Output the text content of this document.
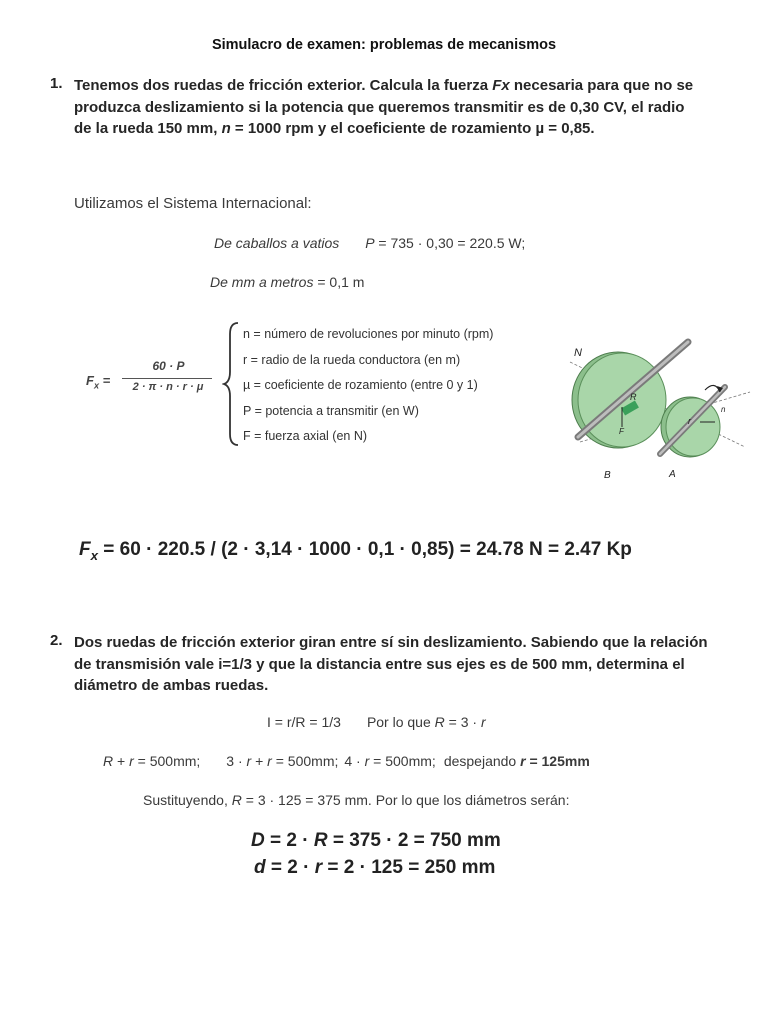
Simulacro de examen: problemas de mecanismos
1. Tenemos dos ruedas de fricción exterior. Calcula la fuerza Fx necesaria para que no se
produzca deslizamiento si la potencia que queremos transmitir es de 0,30 CV, el radio
de la rueda 150 mm, n = 1000 rpm y el coeficiente de rozamiento µ = 0,85.
Utilizamos el Sistema Internacional:
De caballos a vatios P = 735 · 0,30 = 220.5 W;
De mm a metros = 0,1 m
$F_x$ =
60 · P
2 · π · n · r · μ
n = número de revoluciones por minuto (rpm)
r = radio de la rueda conductora (en m)
µ = coeficiente de rozamiento (entre 0 y 1)
P = potencia a transmitir (en W)
F = fuerza axial (en N)
N
B	A
R
r
n
F
$F_x = 60 \cdot 220.5 / (2 \cdot 3,14 \cdot 1000 \cdot 0,1 \cdot 0,85) = 24.78$ N = 2.47 Kp
2. Dos ruedas de fricción exterior giran entre sí sin deslizamiento. Sabiendo que la relación
de transmisión vale i=1/3 y que la distancia entre sus ejes es de 500 mm, determina el
diámetro de ambas ruedas.
I = r/R = 1/3 Por lo que R = 3 · r
R + r = 500mm; 3 · r + r = 500mm; 4 · r = 500mm; despejando r = 125mm
Sustituyendo, R = 3 · 125 = 375 mm. Por lo que los diámetros serán:
D = 2 · R = 375 · 2 = 750 mm
d = 2 · r = 2 · 125 = 250 mm
